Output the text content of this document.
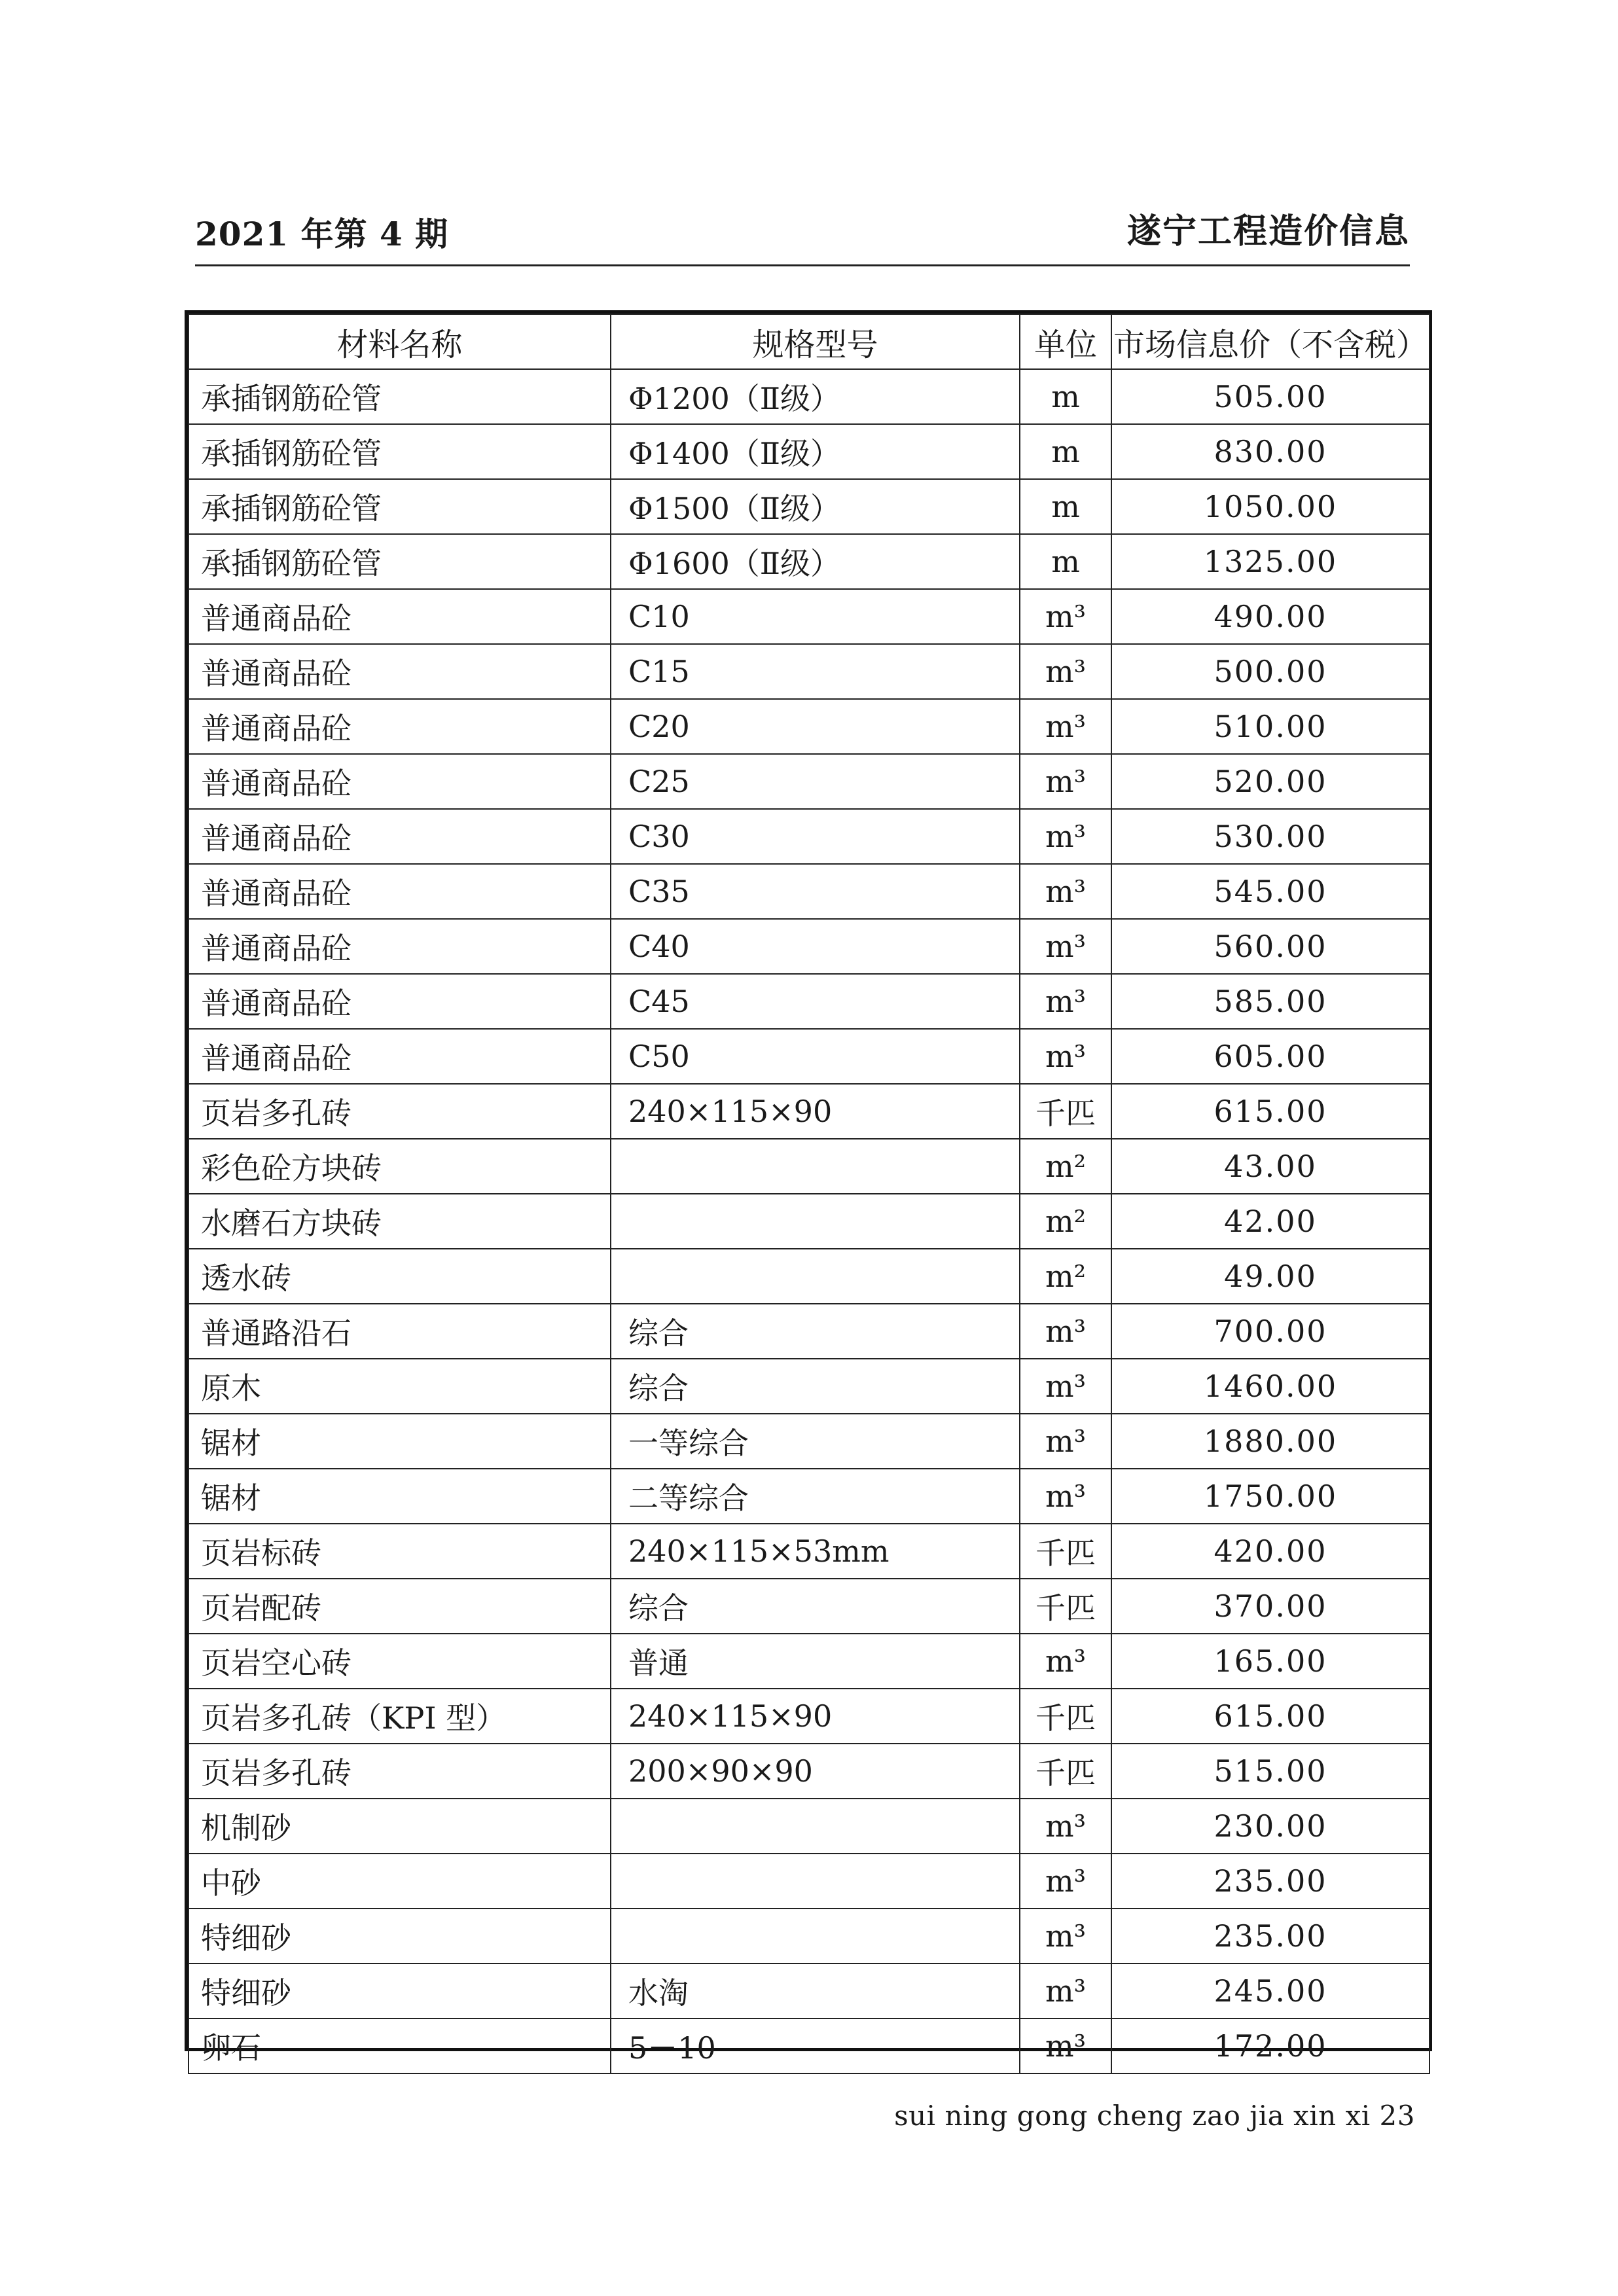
2021 年第 4 期	遂宁工程造价信息
材料名称	规格型号	单位	市场信息价（不含税）
承插钢筋砼管	Φ1200（Ⅱ级）	m	505.00
承插钢筋砼管	Φ1400（Ⅱ级）	m	830.00
承插钢筋砼管	Φ1500（Ⅱ级）	m	1050.00
承插钢筋砼管	Φ1600（Ⅱ级）	m	1325.00
普通商品砼	C10	m³	490.00
普通商品砼	C15	m³	500.00
普通商品砼	C20	m³	510.00
普通商品砼	C25	m³	520.00
普通商品砼	C30	m³	530.00
普通商品砼	C35	m³	545.00
普通商品砼	C40	m³	560.00
普通商品砼	C45	m³	585.00
普通商品砼	C50	m³	605.00
页岩多孔砖	240×115×90	千匹	615.00
彩色砼方块砖		m²	43.00
水磨石方块砖		m²	42.00
透水砖		m²	49.00
普通路沿石	综合	m³	700.00
原木	综合	m³	1460.00
锯材	一等综合	m³	1880.00
锯材	二等综合	m³	1750.00
页岩标砖	240×115×53mm	千匹	420.00
页岩配砖	综合	千匹	370.00
页岩空心砖	普通	m³	165.00
页岩多孔砖（KPI 型）	240×115×90	千匹	615.00
页岩多孔砖	200×90×90	千匹	515.00
机制砂		m³	230.00
中砂		m³	235.00
特细砂		m³	235.00
特细砂	水淘	m³	245.00
卵石	5－10	m³	172.00
sui ning gong cheng zao jia xin xi 23
